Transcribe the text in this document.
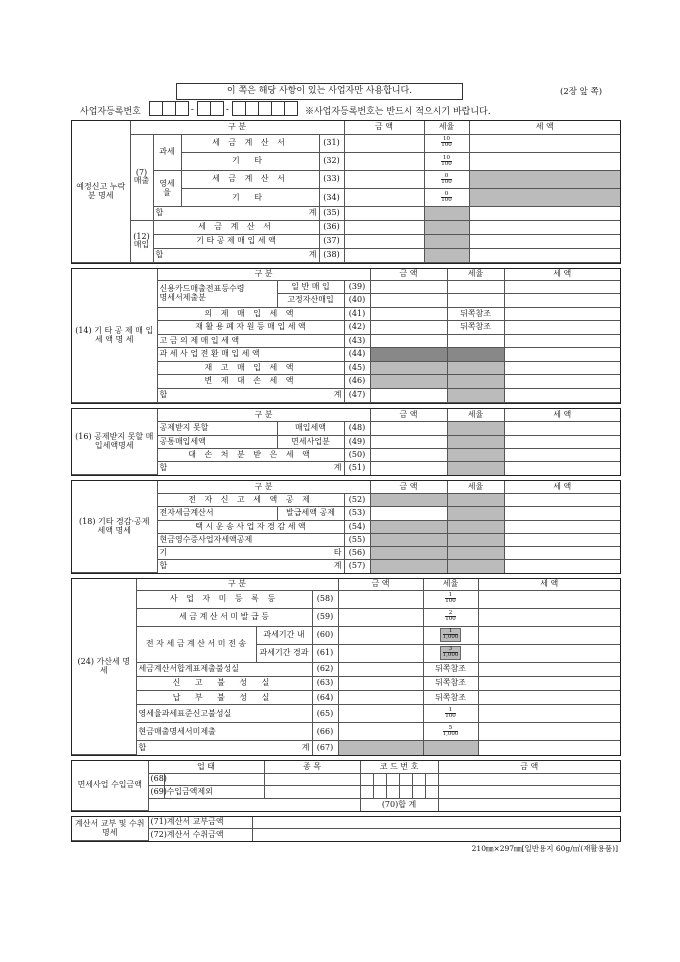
이 쪽은 해당 사항이 있는 사업자만 사용합니다.	(2장 앞 쪽)
사업자등록번호	-	-	※사업자등록번호는 반드시 적으시기 바랍니다.
예정신고 누락분 명세	구 분				금 액	세율	세 액
	(7) 매출	과세	세 금 계 산 서	(31)		$\frac{10}{100}$

			기 타	(32)		$\frac{10}{100}$

		영세율	세 금 계 산 서	(33)		$\frac{0}{100}$

			기 타	(34)		$\frac{0}{100}$

		합 계		(35)			
	(12) 매입	세 금 계 산 서		(36)			
		기 타 공 제 매 입 세 액		(37)			
		합 계		(38)			

(14) 기 타 공 제 매 입 세 액 명 세	구 분			금 액	세율	세 액
	신용카드매출전표등수령
명세서제출분	일 반 매 입	(39)			
		고정자산매입	(40)			
	의 제 매 입 세 액		(41)		뒤쪽참조	
	재 활 용 폐 자 원 등 매 입 세 액		(42)		뒤쪽참조	
	고 금 의 제 매 입 세 액		(43)			
	과 세 사 업 전 환 매 입 세 액		(44)			
	재 고 매 입 세 액		(45)			
	변 제 대 손 세 액		(46)			
	합 계		(47)			

(16) 공제받지 못할 매입세액명세	구 분			금 액	세율	세 액
	공제받지 못할	매입세액	(48)			
	공통매입세액	면세사업분	(49)			
	대 손 처 분 받 은 세 액		(50)			
	합 계		(51)			
(18) 기타 경감·공제 세액 명세	구 분			금 액	세율	세 액
	전 자 신 고 세 액 공 제		(52)			
	전자세금계산서	발급세액 공제	(53)			
	택 시 운 송 사 업 자 경 감 세 액		(54)			
	현금영수증사업자세액공제		(55)			
	기 타		(56)			
	합 계		(57)			
(24) 가산세 명세	구 분			금 액	세율	세 액
	사 업 자 미 등 록 등		(58)		$\frac{1}{100}$

	세 금 계 산 서 미 발 급 등		(59)		$\frac{2}{100}$

	전 자 세 금 계 산 서 미 전 송	과세기간 내	(60)		$\frac{1}{1,000}$

		과세기간 경과	(61)		$\frac{3}{1,000}$

	세금계산서합계표제출불성실		(62)		뒤쪽참조	
	신 고 불 성 실		(63)		뒤쪽참조	
	납 부 불 성 실		(64)		뒤쪽참조	
	영세율과세표준신고불성실		(65)		$\frac{1}{100}$

	현금매출명세서미제출		(66)		$\frac{5}{1,000}$

	합 계		(67)			
면세사업 수입금액	업 태		종 목	코 드 번 호						금 액
	(68)									
	(69)	수입금액제외								
				(70)합 계						
계산서 교부 및 수취명세	(71)계산서 교부금액	
	(72)계산서 수취금액	
210㎜×297㎜[일반용지 60g/㎡(재활용품)]
